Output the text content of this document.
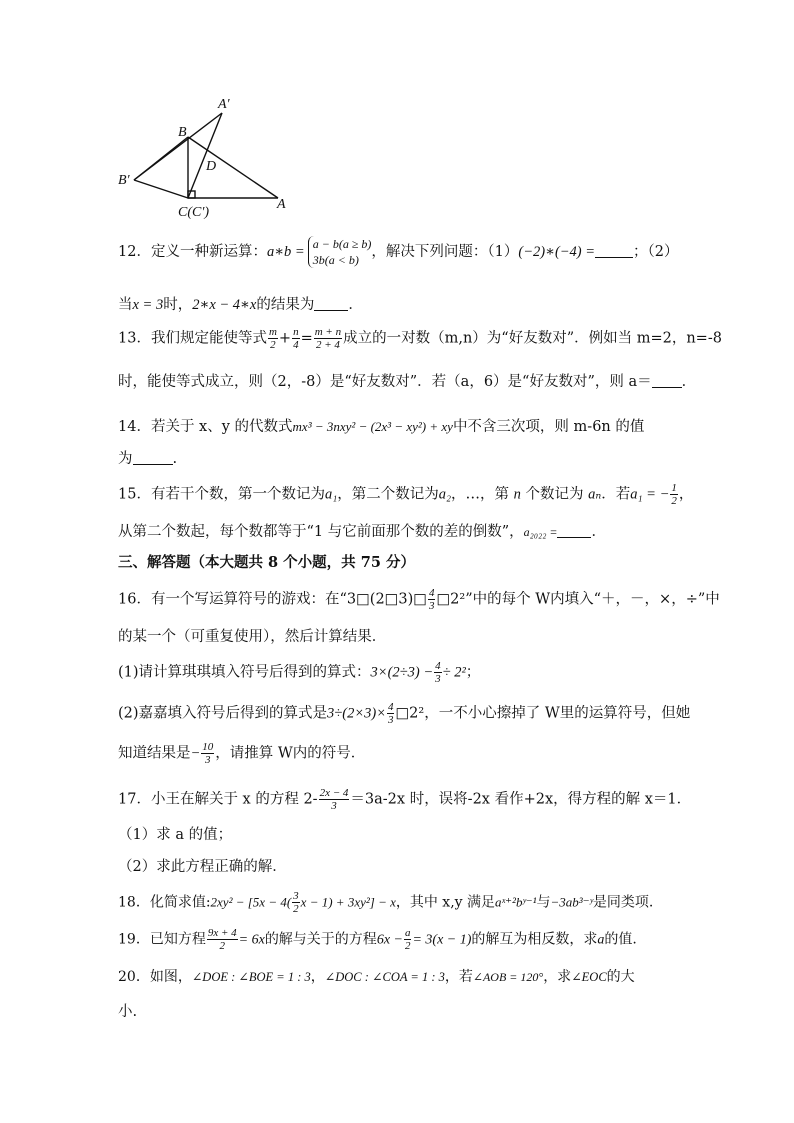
A′
B
D
B′
C(C′)
A
12．定义一种新运算：a∗b = a − b(a ≥ b)
3b(a < b) ，解决下列问题：（1）(−2)∗(−4) =	；（2）
当x = 3时，2∗x − 4∗x的结果为 ．
13．我们规定能使等式 $\frac{m}{2} + \frac{n}{4} = \frac{m + n}{2 + 4}$ 成立的一对数（m,n）为“好友数对”．例如当 m=2，n=-8
时，能使等式成立，则（2，-8）是“好友数对”．若（a，6）是“好友数对”，则 a＝ ．
14．若关于 x、y 的代数式mx³ − 3nxy² − (2x³ − xy²) + xy中不含三次项，则 m-6n 的值
为	.
15．有若干个数，第一个数记为a₁，第二个数记为a₂，…，第 n 个数记为 aₙ．若a₁ = − $\frac{1}{2}$ ，
从第二个数起，每个数都等于“1 与它前面那个数的差的倒数”，a₂₀₂₂ = ．
三、解答题（本大题共 8 个小题，共 75 分）
16．有一个写运算符号的游戏：在“3□(2□3)□ $\frac{4}{3}$ □2²”中的每个 W内填入“＋，－，×，÷”中
的某一个（可重复使用），然后计算结果．
(1)请计算琪琪填入符号后得到的算式：$3\times(2\div 3) - \frac{4}{3} \div 2^2$；
(2)嘉嘉填入符号后得到的算式是$3\div(2\times 3)\times \frac{4}{3}$ □2²，一不小心擦掉了 W里的运算符号，但她
知道结果是− $\frac{10}{3}$ ，请推算 W内的符号．
17．小王在解关于 x 的方程 $2- \frac{2x - 4}{3} =3a-2x$ 时，误将-2x 看作+2x，得方程的解 x＝1．
（1）求 a 的值；
（2）求此方程正确的解．
18．化简求值:2xy² − [$5x - 4( \frac{3}{2}$ x − 1) + 3xy²] − x，其中 x,y 满足aˣ⁺²bʸ⁻¹与−3ab³⁻ʸ是同类项.
19．已知方程 $\frac{9x + 4}{2} = 6x$的解与关于的方程$6x - \frac{a}{2} = 3(x - 1)$的解互为相反数，求a的值.
20．如图，∠DOE : ∠BOE = 1 : 3，∠DOC : ∠COA = 1 : 3，若∠AOB = 120°，求∠EOC的大
小.
